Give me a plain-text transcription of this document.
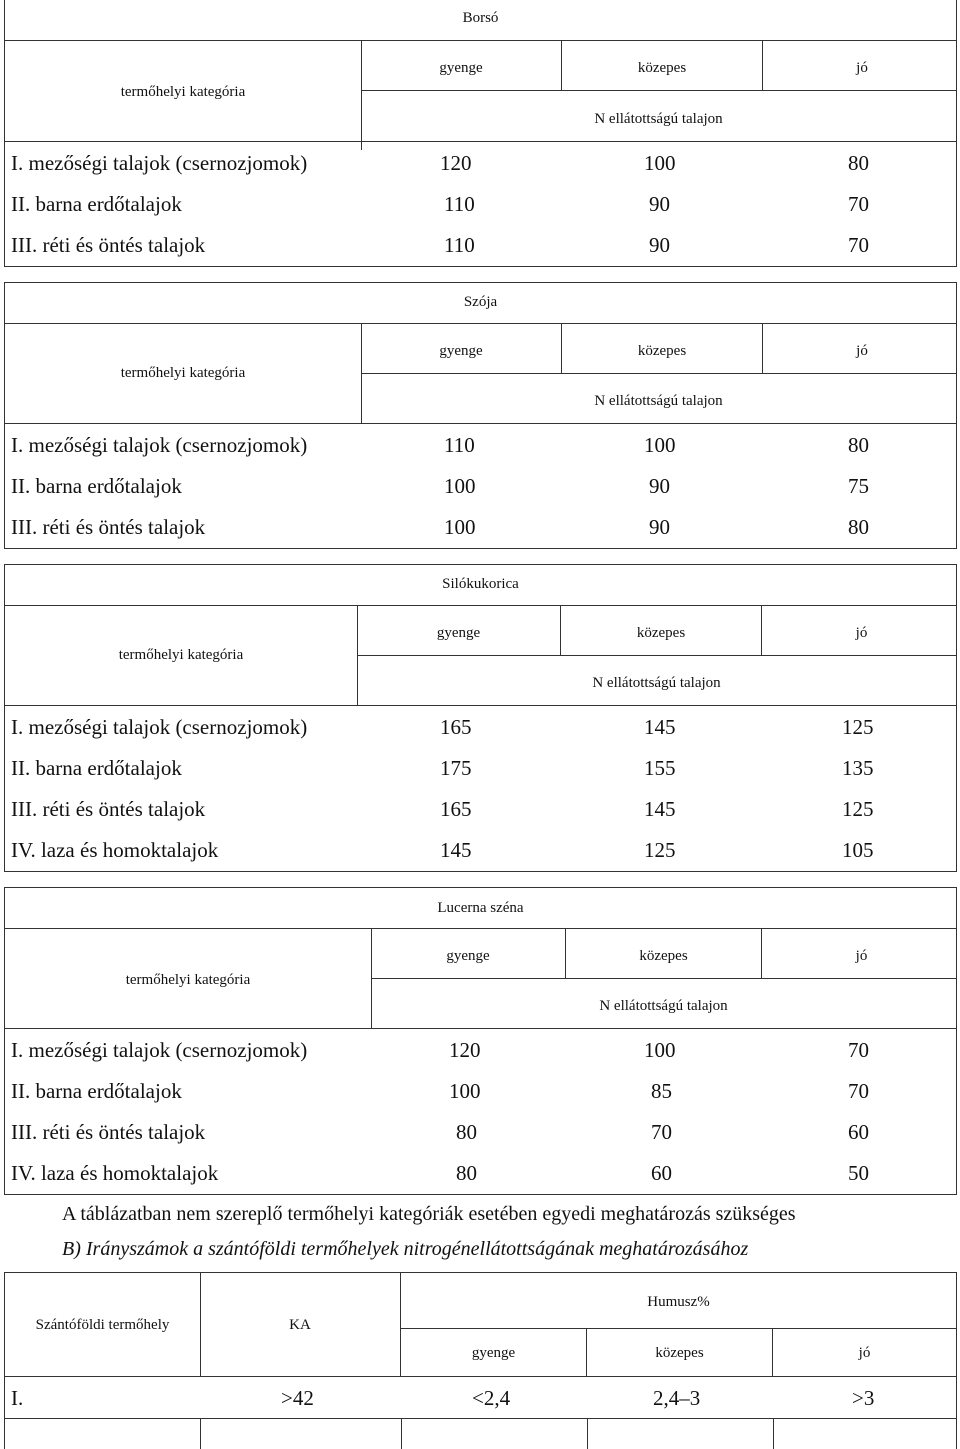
Borsó
termőhelyi kategória
gyenge	közepes	jó
N ellátottságú talajon
I. mezőségi talajok (csernozjomok)	120	100	80
II. barna erdőtalajok	110	90	70
III. réti és öntés talajok	110	90	70
Szója
termőhelyi kategória
gyenge	közepes	jó
N ellátottságú talajon
I. mezőségi talajok (csernozjomok)	110	100	80
II. barna erdőtalajok	100	90	75
III. réti és öntés talajok	100	90	80
Silókukorica
termőhelyi kategória
gyenge	közepes	jó
N ellátottságú talajon
I. mezőségi talajok (csernozjomok)	165	145	125
II. barna erdőtalajok	175	155	135
III. réti és öntés talajok	165	145	125
IV. laza és homoktalajok	145	125	105
Lucerna széna
termőhelyi kategória
gyenge	közepes	jó
N ellátottságú talajon
I. mezőségi talajok (csernozjomok)	120	100	70
II. barna erdőtalajok	100	85	70
III. réti és öntés talajok	80	70	60
IV. laza és homoktalajok	80	60	50
A táblázatban nem szereplő termőhelyi kategóriák esetében egyedi meghatározás szükséges
B) Irányszámok a szántóföldi termőhelyek nitrogénellátottságának meghatározásához
Szántóföldi termőhely	KA
Humusz%
gyenge	közepes	jó
I.	>42	<2,4	2,4–3	>3
